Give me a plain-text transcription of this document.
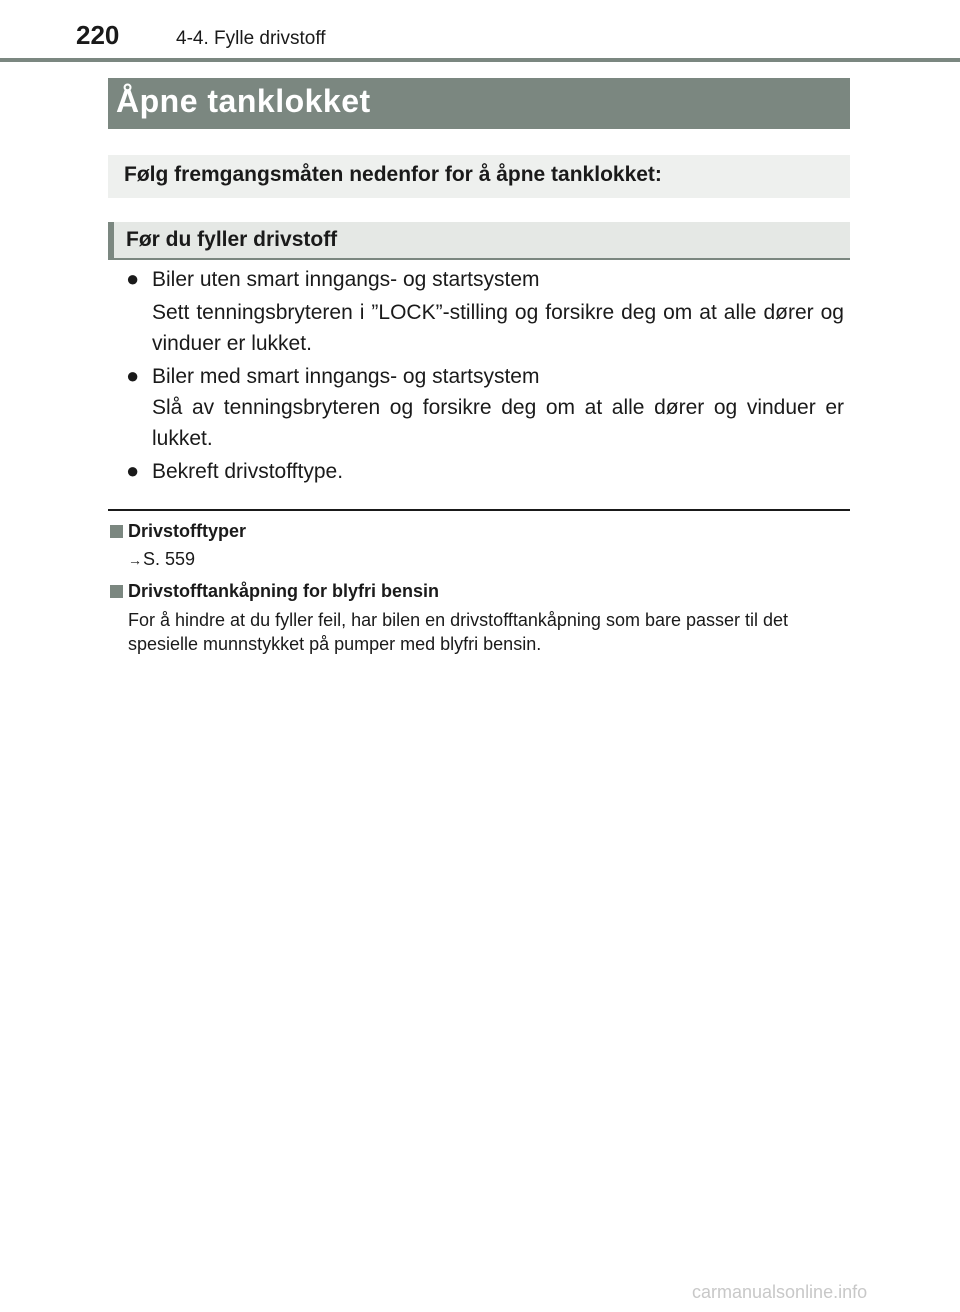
220	4-4. Fylle drivstoff
Åpne tanklokket
Følg fremgangsmåten nedenfor for å åpne tanklokket:
Før du fyller drivstoff
● Biler uten smart inngangs- og startsystem
Sett tenningsbryteren i ”LOCK”-stilling og forsikre deg om at alle dører og vinduer er lukket.
● Biler med smart inngangs- og startsystem
Slå av tenningsbryteren og forsikre deg om at alle dører og vinduer er lukket.
● Bekreft drivstofftype.
Drivstofftyper
→S. 559
Drivstofftankåpning for blyfri bensin
For å hindre at du fyller feil, har bilen en drivstofftankåpning som bare passer til det spesielle munnstykket på pumper med blyfri bensin.
carmanualsonline.info
